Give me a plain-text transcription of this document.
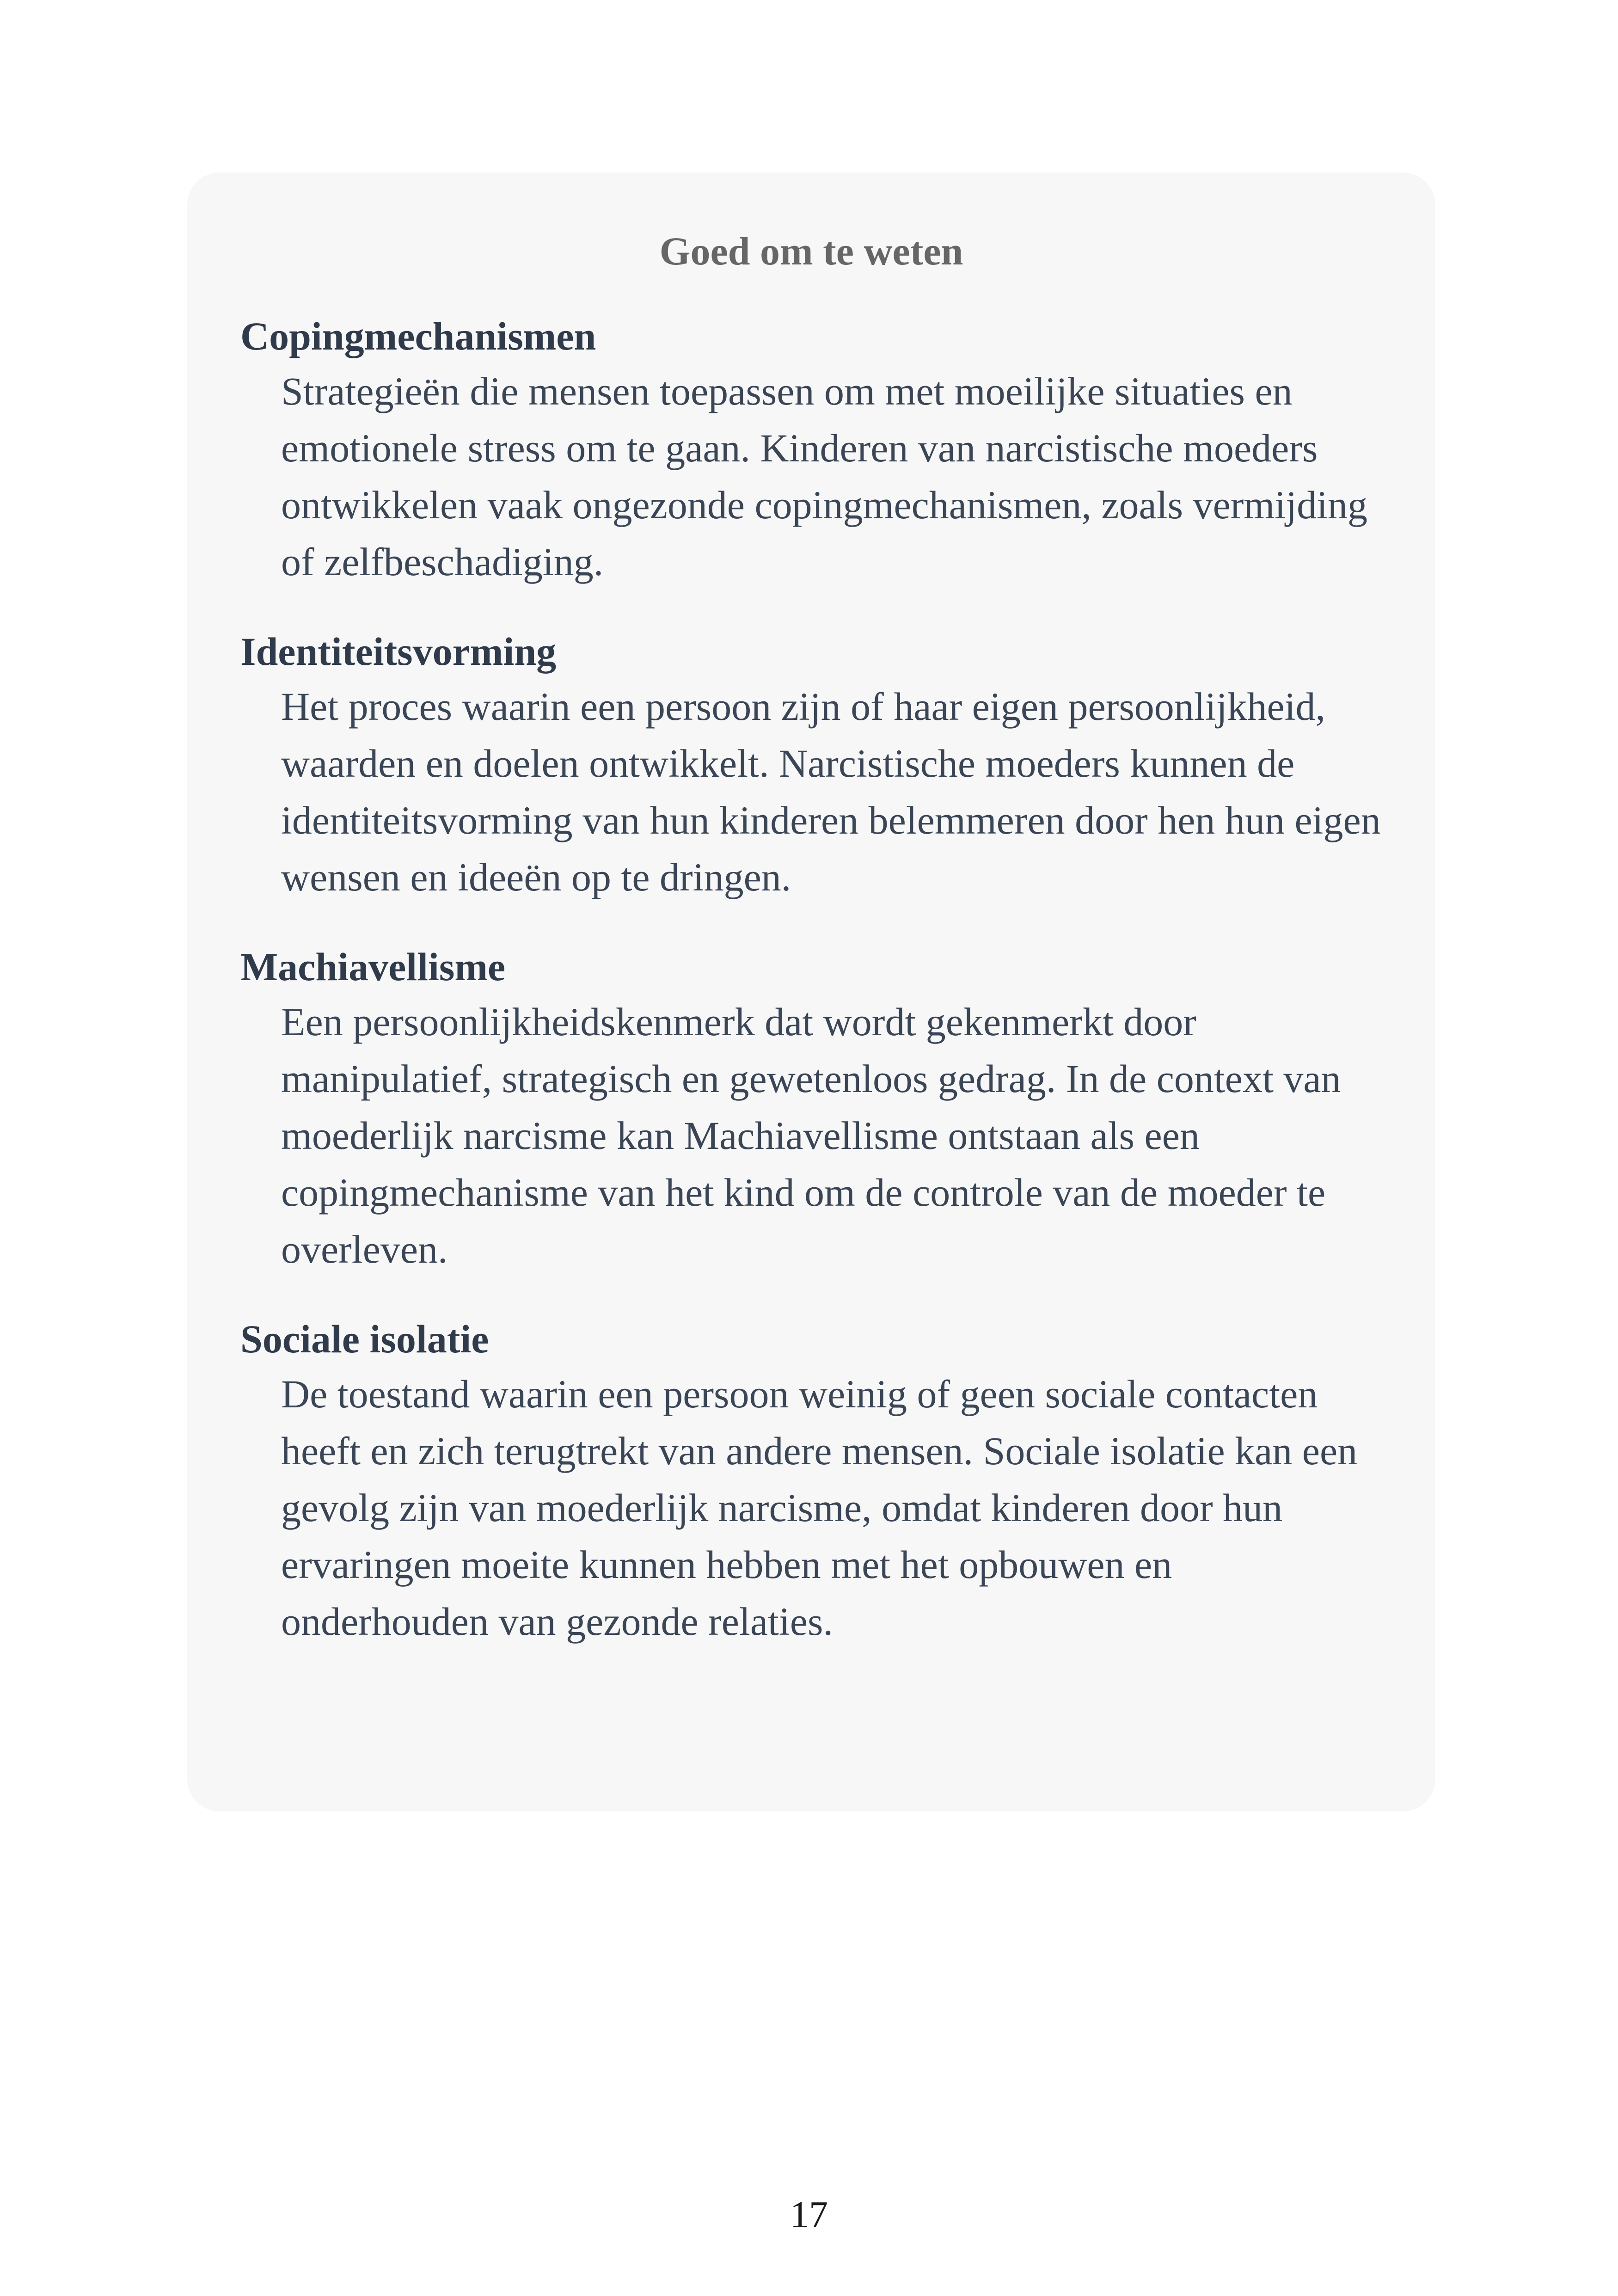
Goed om te weten
Copingmechanismen
Strategieën die mensen toepassen om met moeilijke situaties en emotionele stress om te gaan. Kinderen van narcistische moeders ontwikkelen vaak ongezonde copingmechanismen, zoals vermijding of zelfbeschadiging.
Identiteitsvorming
Het proces waarin een persoon zijn of haar eigen persoonlijkheid, waarden en doelen ontwikkelt. Narcistische moeders kunnen de identiteitsvorming van hun kinderen belemmeren door hen hun eigen wensen en ideeën op te dringen.
Machiavellisme
Een persoonlijkheidskenmerk dat wordt gekenmerkt door manipulatief, strategisch en gewetenloos gedrag. In de context van moederlijk narcisme kan Machiavellisme ontstaan als een copingmechanisme van het kind om de controle van de moeder te overleven.
Sociale isolatie
De toestand waarin een persoon weinig of geen sociale contacten heeft en zich terugtrekt van andere mensen. Sociale isolatie kan een gevolg zijn van moederlijk narcisme, omdat kinderen door hun ervaringen moeite kunnen hebben met het opbouwen en onderhouden van gezonde relaties.
17
